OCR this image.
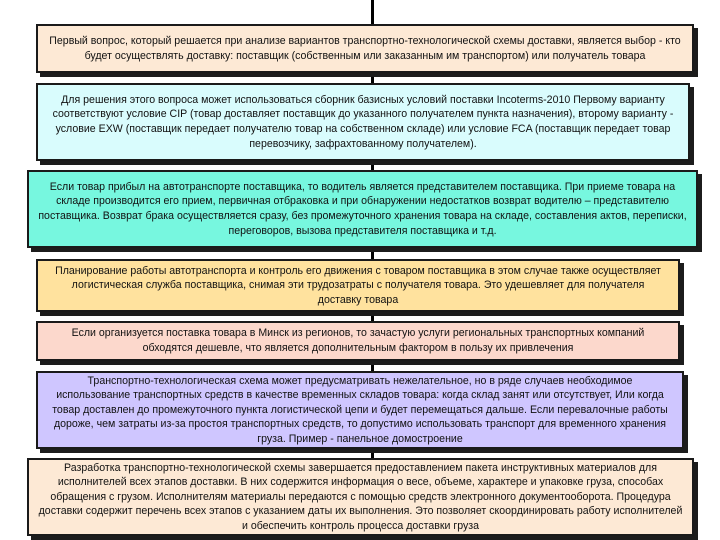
Первый вопрос, который решается при анализе вариантов транспортно-технологической схемы доставки, является выбор - кто будет осуществлять доставку: поставщик (собственным или заказанным им транспортом) или получатель товара
Для решения этого вопроса может использоваться сборник базисных условий поставки Incoterms-2010 Первому варианту соответствуют условие CIP (товар доставляет поставщик до указанного получателем пункта назначения), второму варианту - условие EXW (поставщик передает получателю товар на собственном складе) или условие FCA (поставщик передает товар перевозчику, зафрахтованному получателем).
Если товар прибыл на автотранспорте поставщика, то водитель является представителем поставщика. При приеме товара на складе производится его прием, первичная отбраковка и при обнаружении недостатков возврат водителю – представителю поставщика. Возврат брака осуществляется сразу, без промежуточного хранения товара на складе, составления актов, переписки, переговоров, вызова представителя поставщика и т.д.
Планирование работы автотранспорта и контроль его движения с товаром поставщика в этом случае также осуществляет логистическая служба поставщика, снимая эти трудозатраты с получателя товара. Это удешевляет для получателя доставку товара
Если организуется поставка товара в Минск из регионов, то зачастую услуги региональных транспортных компаний обходятся дешевле, что является дополнительным фактором в пользу их привлечения
Транспортно-технологическая схема может предусматривать нежелательное, но в ряде случаев необходимое использование транспортных средств в качестве временных складов товара: когда склад занят или отсутствует, Или когда товар доставлен до промежуточного пункта логистической цепи и будет перемещаться дальше. Если перевалочные работы дороже, чем затраты из-за простоя транспортных средств, то допустимо использовать транспорт для временного хранения груза. Пример - панельное домостроение
Разработка транспортно-технологической схемы завершается предоставлением пакета инструктивных материалов для исполнителей всех этапов доставки. В них содержится информация о весе, объеме, характере и упаковке груза, способах обращения с грузом. Исполнителям материалы передаются с помощью средств электронного документооборота. Процедура доставки содержит перечень всех этапов с указанием даты их выполнения. Это позволяет скоординировать работу исполнителей и обеспечить контроль процесса доставки груза
